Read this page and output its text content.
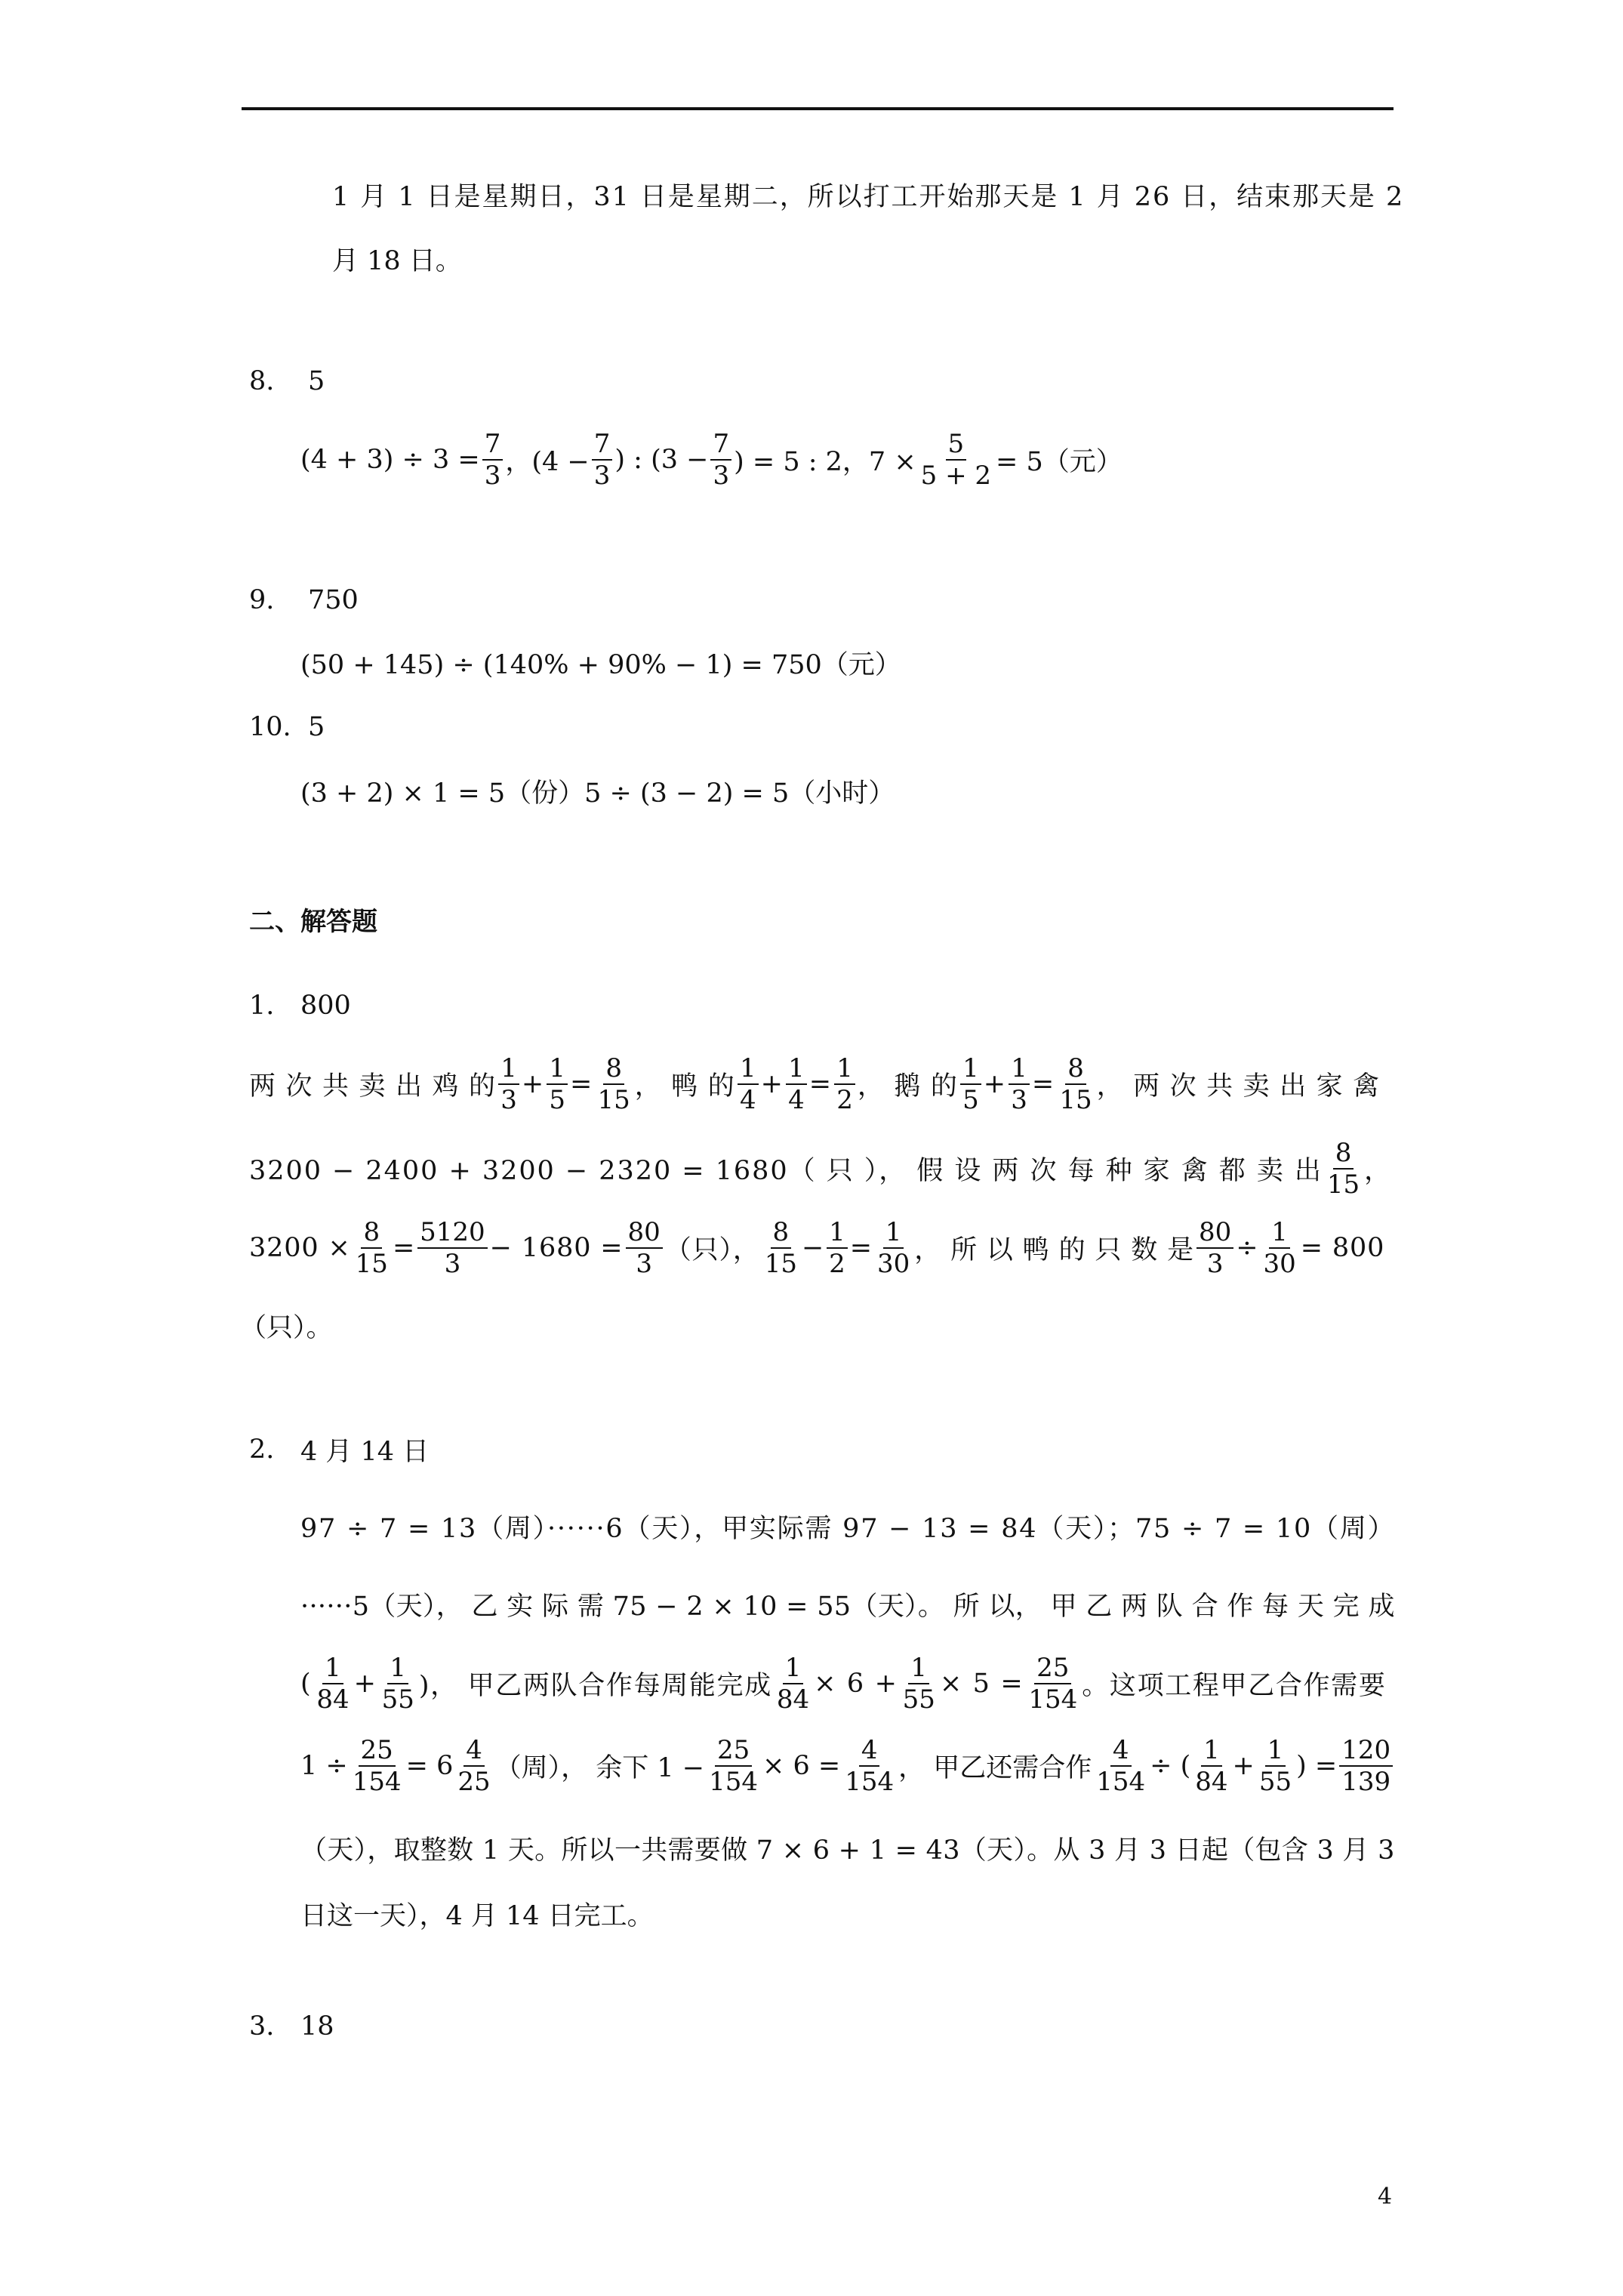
1 月 1 日是星期日，31 日是星期二，所以打工开始那天是 1 月 26 日，结束那天是 2
月 18 日。
8. 5
$(4 + 3) \div 3 = \frac{7}{3}$ ，($4 - \frac{7}{3}$ ) : ($3 - \frac{7}{3}$ ) = 5 : 2，$7 \times \frac{5}{5 + 2} = 5$（元）
9. 750
(50 + 145) ÷ (140% + 90% − 1) = 750（元）
10. 5
(3 + 2) × 1 = 5（份）5 ÷ (3 − 2) = 5（小时）
二、解答题
1. 800
两 次 共 卖 出 鸡 的 $\frac{1}{3} + \frac{1}{5} = \frac{8}{15}$ ， 鸭 的 $\frac{1}{4} + \frac{1}{4} = \frac{1}{2}$ ， 鹅 的 $\frac{1}{5} + \frac{1}{3} = \frac{8}{15}$ ， 两 次 共 卖 出 家 禽
3200 − 2400 + 3200 − 2320 = 1680（ 只 ）， 假 设 两 次 每 种 家 禽 都 卖 出 $\frac{8}{15}$ ，
$3200 \times \frac{8}{15} = \frac{5120}{3} - 1680 = \frac{80}{3}$ （只）， $\frac{8}{15} - \frac{1}{2} = \frac{1}{30}$ ， 所 以 鸭 的 只 数 是 $\frac{80}{3} \div \frac{1}{30} = 800$
（只）。
2. 4 月 14 日
97 ÷ 7 = 13（周）······6（天），甲实际需 97 − 13 = 84（天）；75 ÷ 7 = 10（周）
······5（天）， 乙 实 际 需 75 − 2 × 10 = 55（天）。 所 以， 甲 乙 两 队 合 作 每 天 完 成
( $\frac{1}{84} + \frac{1}{55}$ )， 甲乙两队合作每周能完成 $\frac{1}{84} \times 6 + \frac{1}{55} \times 5 = \frac{25}{154}$ 。这项工程甲乙合作需要
$1 \div \frac{25}{154} = 6 \frac{4}{25}$ （周）， 余下 $1 - \frac{25}{154} \times 6 = \frac{4}{154}$ ， 甲乙还需合作 $\frac{4}{154}$ ÷ ( $\frac{1}{84} + \frac{1}{55}$ ) = $\frac{120}{139}$
（天），取整数 1 天。所以一共需要做 7 × 6 + 1 = 43（天）。从 3 月 3 日起（包含 3 月 3
日这一天），4 月 14 日完工。
3. 18
4
